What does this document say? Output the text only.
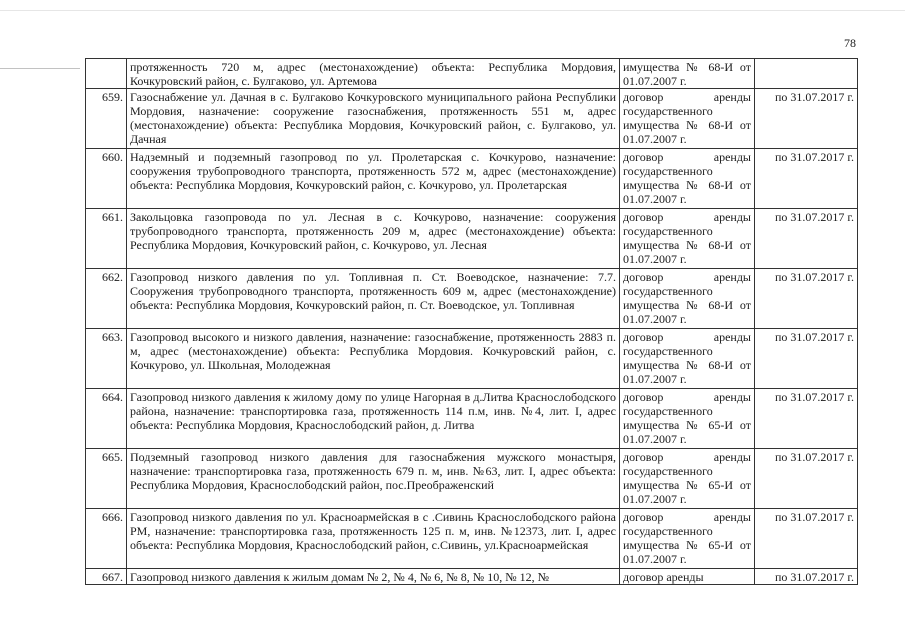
78
	протяженность 720 м, адрес (местонахождение) объекта: Республика Мордовия, Кочкуровский район, с. Булгаково, ул. Артемова	имущества № 68-И от 01.07.2007 г.	
659.	Газоснабжение ул. Дачная в с. Булгаково Кочкуровского муниципального района Республики Мордовия, назначение: сооружение газоснабжения, протяженность 551 м, адрес (местонахождение) объекта: Республика Мордовия, Кочкуровский район, с. Булгаково, ул. Дачная	договор аренды государственного имущества № 68-И от 01.07.2007 г.	по 31.07.2017 г.
660.	Надземный и подземный газопровод по ул. Пролетарская с. Кочкурово, назначение: сооружения трубопроводного транспорта, протяженность 572 м, адрес (местонахождение) объекта: Республика Мордовия, Кочкуровский район, с. Кочкурово, ул. Пролетарская	договор аренды государственного имущества № 68-И от 01.07.2007 г.	по 31.07.2017 г.
661.	Закольцовка газопровода по ул. Лесная в с. Кочкурово, назначение: сооружения трубопроводного транспорта, протяженность 209 м, адрес (местонахождение) объекта: Республика Мордовия, Кочкуровский район, с. Кочкурово, ул. Лесная	договор аренды государственного имущества № 68-И от 01.07.2007 г.	по 31.07.2017 г.
662.	Газопровод низкого давления по ул. Топливная п. Ст. Воеводское, назначение: 7.7. Сооружения трубопроводного транспорта, протяженность 609 м, адрес (местонахождение) объекта: Республика Мордовия, Кочкуровский район, п. Ст. Воеводское, ул. Топливная	договор аренды государственного имущества № 68-И от 01.07.2007 г.	по 31.07.2017 г.
663.	Газопровод высокого и низкого давления, назначение: газоснабжение, протяженность 2883 п. м, адрес (местонахождение) объекта: Республика Мордовия. Кочкуровский район, с. Кочкурово, ул. Школьная, Молодежная	договор аренды государственного имущества № 68-И от 01.07.2007 г.	по 31.07.2017 г.
664.	Газопровод низкого давления к жилому дому по улице Нагорная в д.Литва Краснослободского района, назначение: транспортировка газа, протяженность 114 п.м, инв. №4, лит. I, адрес объекта: Республика Мордовия, Краснослободский район, д. Литва	договор аренды государственного имущества № 65-И от 01.07.2007 г.	по 31.07.2017 г.
665.	Подземный газопровод низкого давления для газоснабжения мужского монастыря, назначение: транспортировка газа, протяженность 679 п. м, инв. №63, лит. I, адрес объекта: Республика Мордовия, Краснослободский район, пос.Преображенский	договор аренды государственного имущества № 65-И от 01.07.2007 г.	по 31.07.2017 г.
666.	Газопровод низкого давления по ул. Красноармейская в с .Сивинь Краснослободского района РМ, назначение: транспортировка газа, протяженность 125 п. м, инв. №12373, лит. I, адрес объекта: Республика Мордовия, Краснослободский район, с.Сивинь, ул.Красноармейская	договор аренды государственного имущества № 65-И от 01.07.2007 г.	по 31.07.2017 г.
667.	Газопровод низкого давления к жилым домам № 2, № 4, № 6, № 8, № 10, № 12, №	договор аренды	по 31.07.2017 г.
